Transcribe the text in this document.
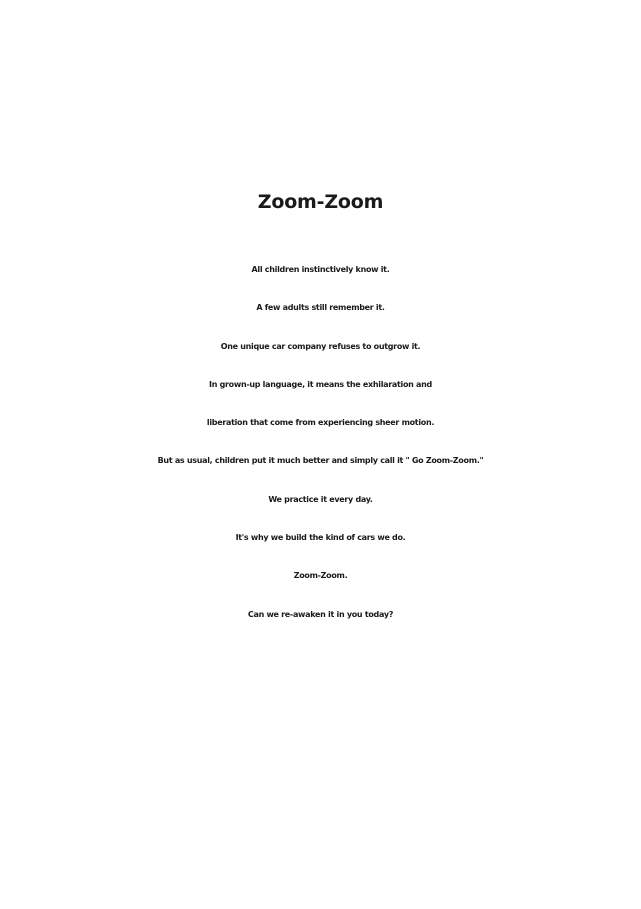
Zoom-Zoom
All children instinctively know it.
A few adults still remember it.
One unique car company refuses to outgrow it.
In grown-up language, it means the exhilaration and
liberation that come from experiencing sheer motion.
But as usual, children put it much better and simply call it " Go Zoom-Zoom."
We practice it every day.
It's why we build the kind of cars we do.
Zoom-Zoom.
Can we re-awaken it in you today?
